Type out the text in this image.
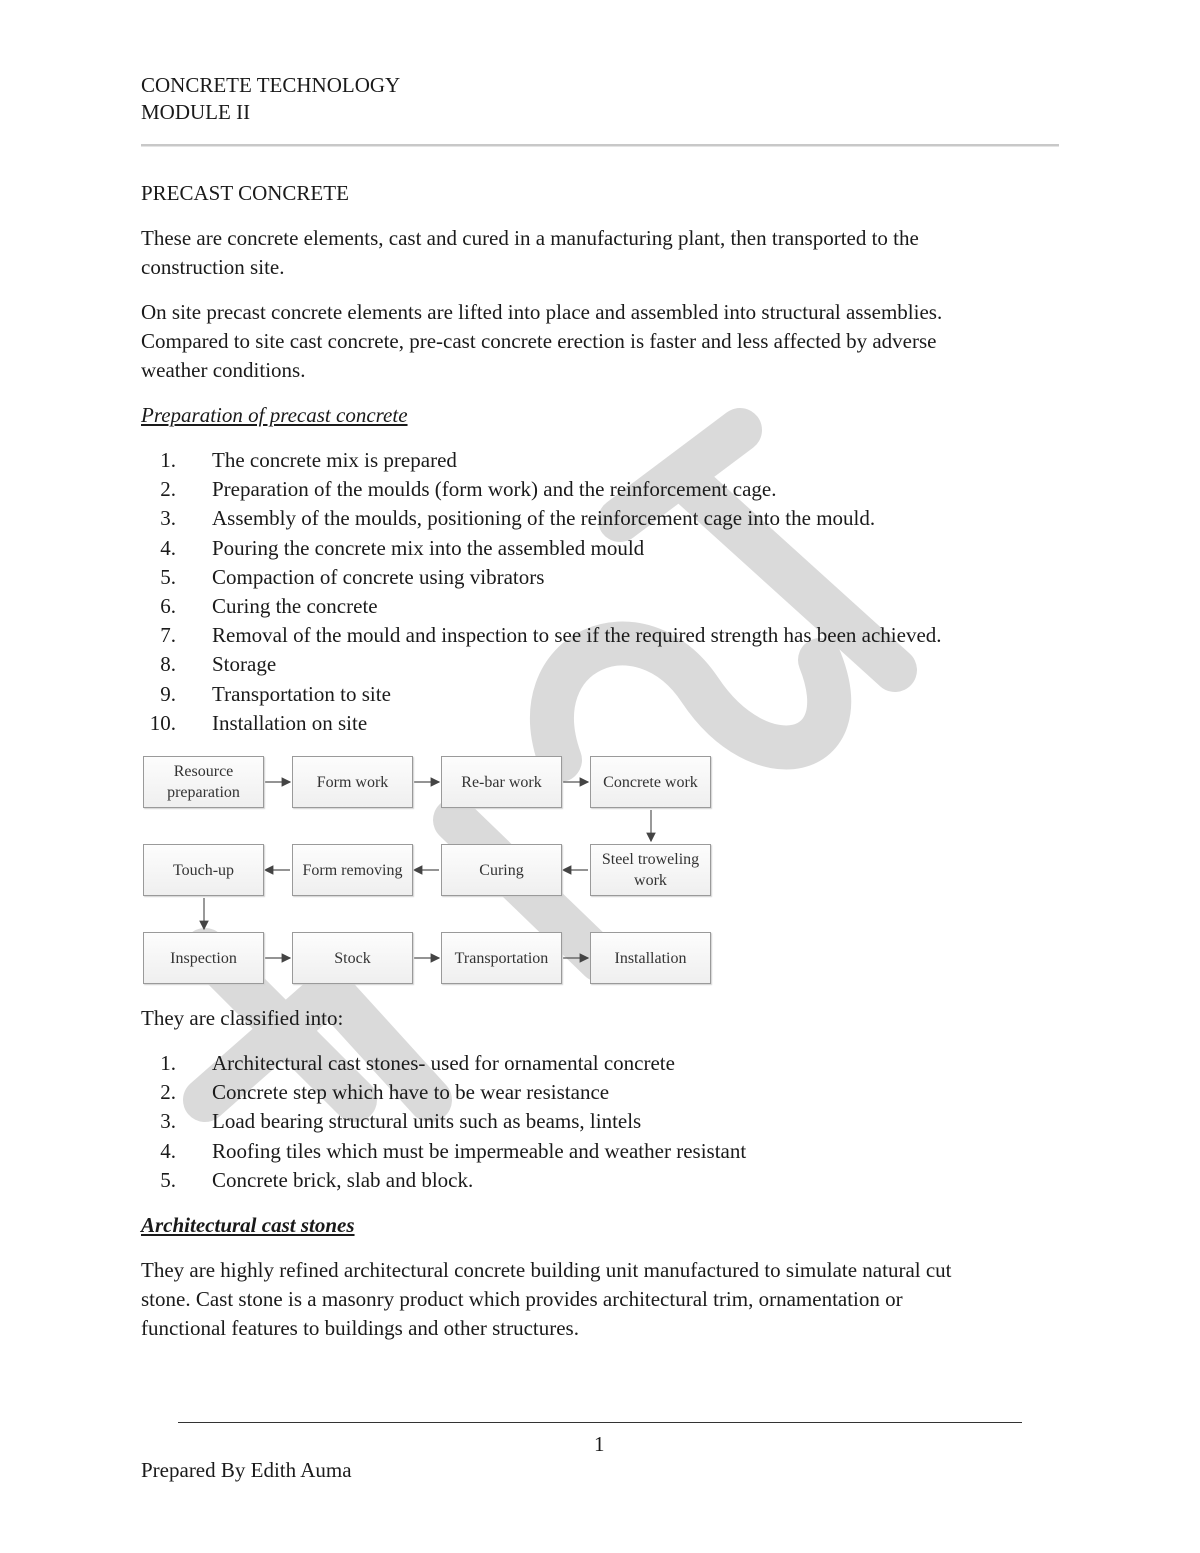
CONCRETE TECHNOLOGY
MODULE II
PRECAST CONCRETE
These are concrete elements, cast and cured in a manufacturing plant, then transported to the
construction site.
On site precast concrete elements are lifted into place and assembled into structural assemblies.
Compared to site cast concrete, pre-cast concrete erection is faster and less affected by adverse
weather conditions.
Preparation of precast concrete
1. The concrete mix is prepared
2. Preparation of the moulds (form work) and the reinforcement cage.
3. Assembly of the moulds, positioning of the reinforcement cage into the mould.
4. Pouring the concrete mix into the assembled mould
5. Compaction of concrete using vibrators
6. Curing the concrete
7. Removal of the mould and inspection to see if the required strength has been achieved.
8. Storage
9. Transportation to site
10. Installation on site
Resource preparation
Form work	Re-bar work	Concrete work
Touch-up	Form removing	Curing
Steel troweling work
Inspection	Stock	Transportation	Installation
They are classified into:
1. Architectural cast stones- used for ornamental concrete
2. Concrete step which have to be wear resistance
3. Load bearing structural units such as beams, lintels
4. Roofing tiles which must be impermeable and weather resistant
5. Concrete brick, slab and block.
Architectural cast stones
They are highly refined architectural concrete building unit manufactured to simulate natural cut
stone. Cast stone is a masonry product which provides architectural trim, ornamentation or
functional features to buildings and other structures.
1
Prepared By Edith Auma
